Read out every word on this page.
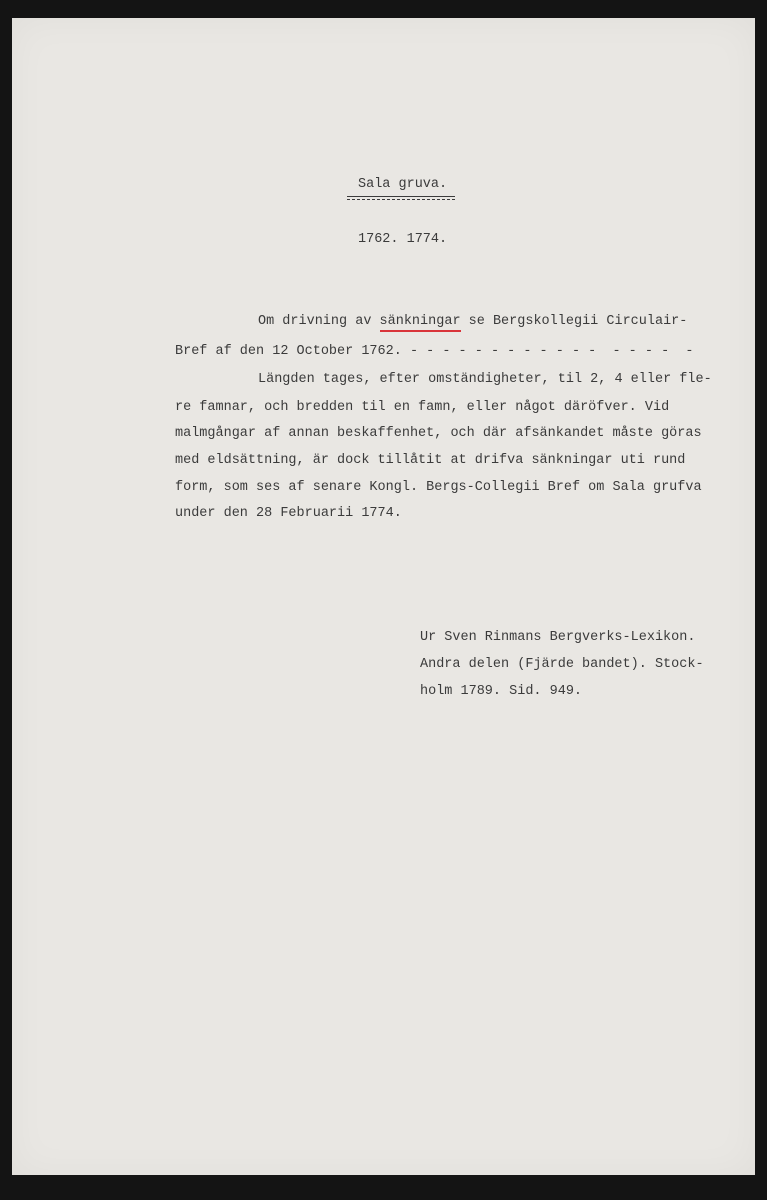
Sala gruva.
1762. 1774.
Om drivning av sänkningar se Bergskollegii Circulair-
Bref af den 12 October 1762. - - - - - - - - - - - -  - - - -  -
Längden tages, efter omständigheter, til 2, 4 eller fle-
re famnar, och bredden til en famn, eller något däröfver. Vid
malmgångar af annan beskaffenhet, och där afsänkandet måste göras
med eldsättning, är dock tillåtit at drifva sänkningar uti rund
form, som ses af senare Kongl. Bergs-Collegii Bref om Sala grufva
under den 28 Februarii 1774.
Ur Sven Rinmans Bergverks-Lexikon.
Andra delen (Fjärde bandet). Stock-
holm 1789. Sid. 949.
